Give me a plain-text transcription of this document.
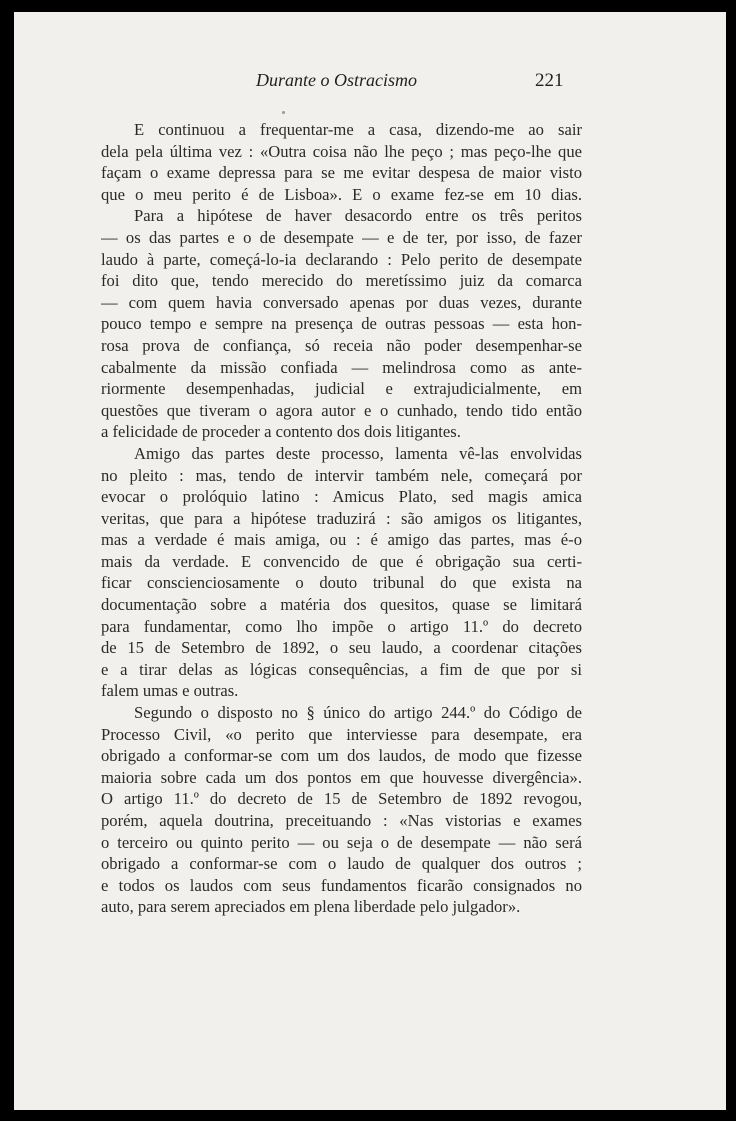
Durante o Ostracismo	221

E continuou a frequentar-me a casa, dizendo-me ao sair
dela pela última vez : «Outra coisa não lhe peço ; mas peço-lhe que
façam o exame depressa para se me evitar despesa de maior visto
que o meu perito é de Lisboa». E o exame fez-se em 10 dias.

Para a hipótese de haver desacordo entre os três peritos
— os das partes e o de desempate — e de ter, por isso, de fazer
laudo à parte, começá-lo-ia declarando : Pelo perito de desempate
foi dito que, tendo merecido do meretíssimo juiz da comarca
— com quem havia conversado apenas por duas vezes, durante
pouco tempo e sempre na presença de outras pessoas — esta hon-
rosa prova de confiança, só receia não poder desempenhar-se
cabalmente da missão confiada — melindrosa como as ante-
riormente desempenhadas, judicial e extrajudicialmente, em
questões que tiveram o agora autor e o cunhado, tendo tido então
a felicidade de proceder a contento dos dois litigantes.

Amigo das partes deste processo, lamenta vê-las envolvidas
no pleito : mas, tendo de intervir também nele, começará por
evocar o prolóquio latino : Amicus Plato, sed magis amica
veritas, que para a hipótese traduzirá : são amigos os litigantes,
mas a verdade é mais amiga, ou : é amigo das partes, mas é-o
mais da verdade. E convencido de que é obrigação sua certi-
ficar conscienciosamente o douto tribunal do que exista na
documentação sobre a matéria dos quesitos, quase se limitará
para fundamentar, como lho impõe o artigo 11.º do decreto
de 15 de Setembro de 1892, o seu laudo, a coordenar citações
e a tirar delas as lógicas consequências, a fim de que por si
falem umas e outras.

Segundo o disposto no § único do artigo 244.º do Código de
Processo Civil, «o perito que interviesse para desempate, era
obrigado a conformar-se com um dos laudos, de modo que fizesse
maioria sobre cada um dos pontos em que houvesse divergência».
O artigo 11.º do decreto de 15 de Setembro de 1892 revogou,
porém, aquela doutrina, preceituando : «Nas vistorias e exames
o terceiro ou quinto perito — ou seja o de desempate — não será
obrigado a conformar-se com o laudo de qualquer dos outros ;
e todos os laudos com seus fundamentos ficarão consignados no
auto, para serem apreciados em plena liberdade pelo julgador».
